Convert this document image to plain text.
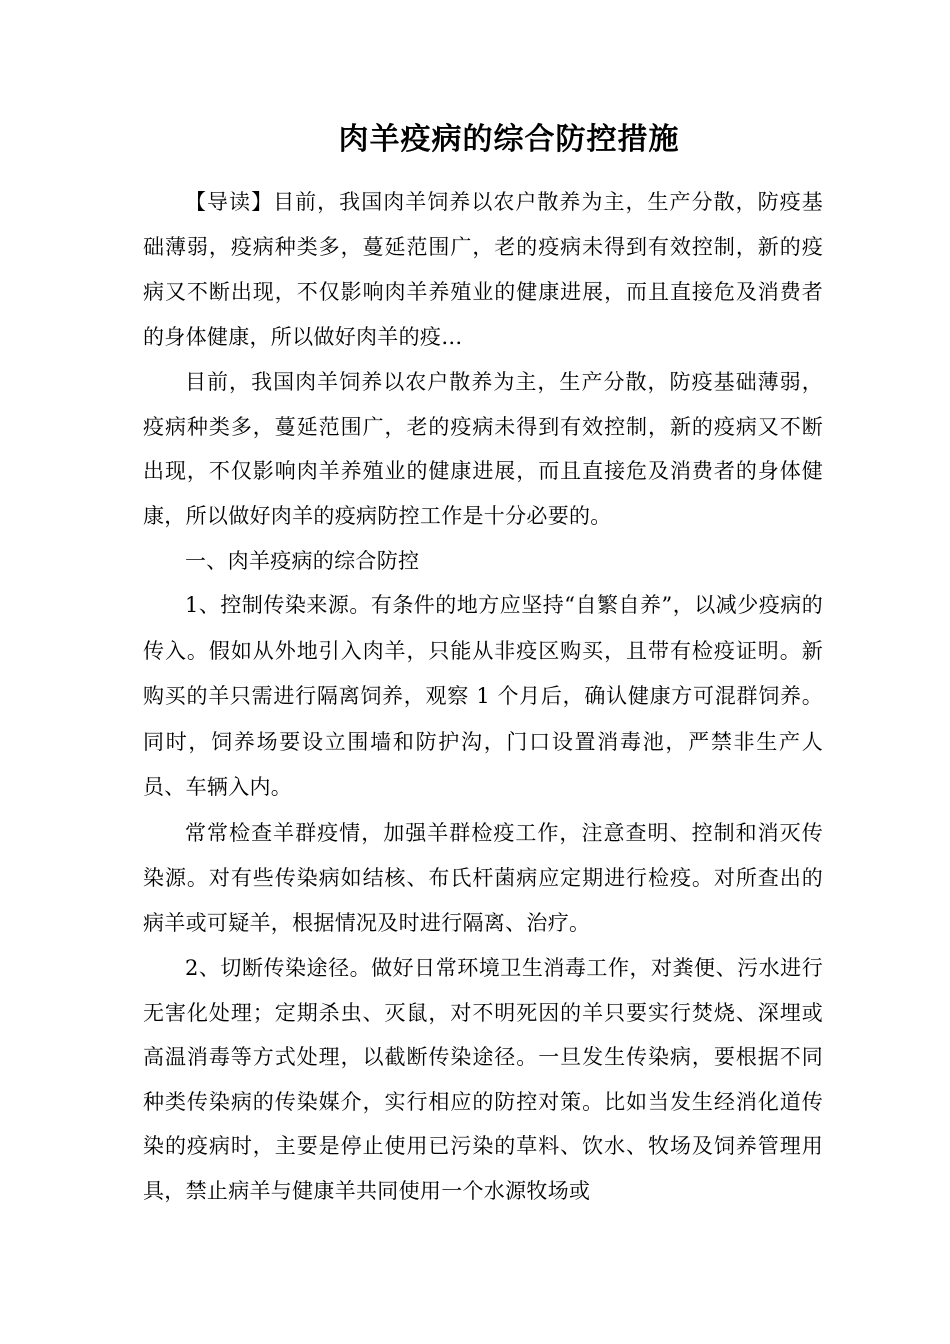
肉羊疫病的综合防控措施

【导读】目前，我国肉羊饲养以农户散养为主，生产分散，防疫基础薄弱，疫病种类多，蔓延范围广，老的疫病未得到有效控制，新的疫病又不断出现，不仅影响肉羊养殖业的健康进展，而且直接危及消费者的身体健康，所以做好肉羊的疫…

目前，我国肉羊饲养以农户散养为主，生产分散，防疫基础薄弱，疫病种类多，蔓延范围广，老的疫病未得到有效控制，新的疫病又不断出现，不仅影响肉羊养殖业的健康进展，而且直接危及消费者的身体健康，所以做好肉羊的疫病防控工作是十分必要的。

一、肉羊疫病的综合防控

1、控制传染来源。有条件的地方应坚持“自繁自养”，以减少疫病的传入。假如从外地引入肉羊，只能从非疫区购买，且带有检疫证明。新购买的羊只需进行隔离饲养，观察 1 个月后，确认健康方可混群饲养。同时，饲养场要设立围墙和防护沟，门口设置消毒池，严禁非生产人员、车辆入内。

常常检查羊群疫情，加强羊群检疫工作，注意查明、控制和消灭传染源。对有些传染病如结核、布氏杆菌病应定期进行检疫。对所查出的病羊或可疑羊，根据情况及时进行隔离、治疗。

2、切断传染途径。做好日常环境卫生消毒工作，对粪便、污水进行无害化处理；定期杀虫、灭鼠，对不明死因的羊只要实行焚烧、深埋或高温消毒等方式处理，以截断传染途径。一旦发生传染病，要根据不同种类传染病的传染媒介，实行相应的防控对策。比如当发生经消化道传染的疫病时，主要是停止使用已污染的草料、饮水、牧场及饲养管理用具，禁止病羊与健康羊共同使用一个水源牧场或
